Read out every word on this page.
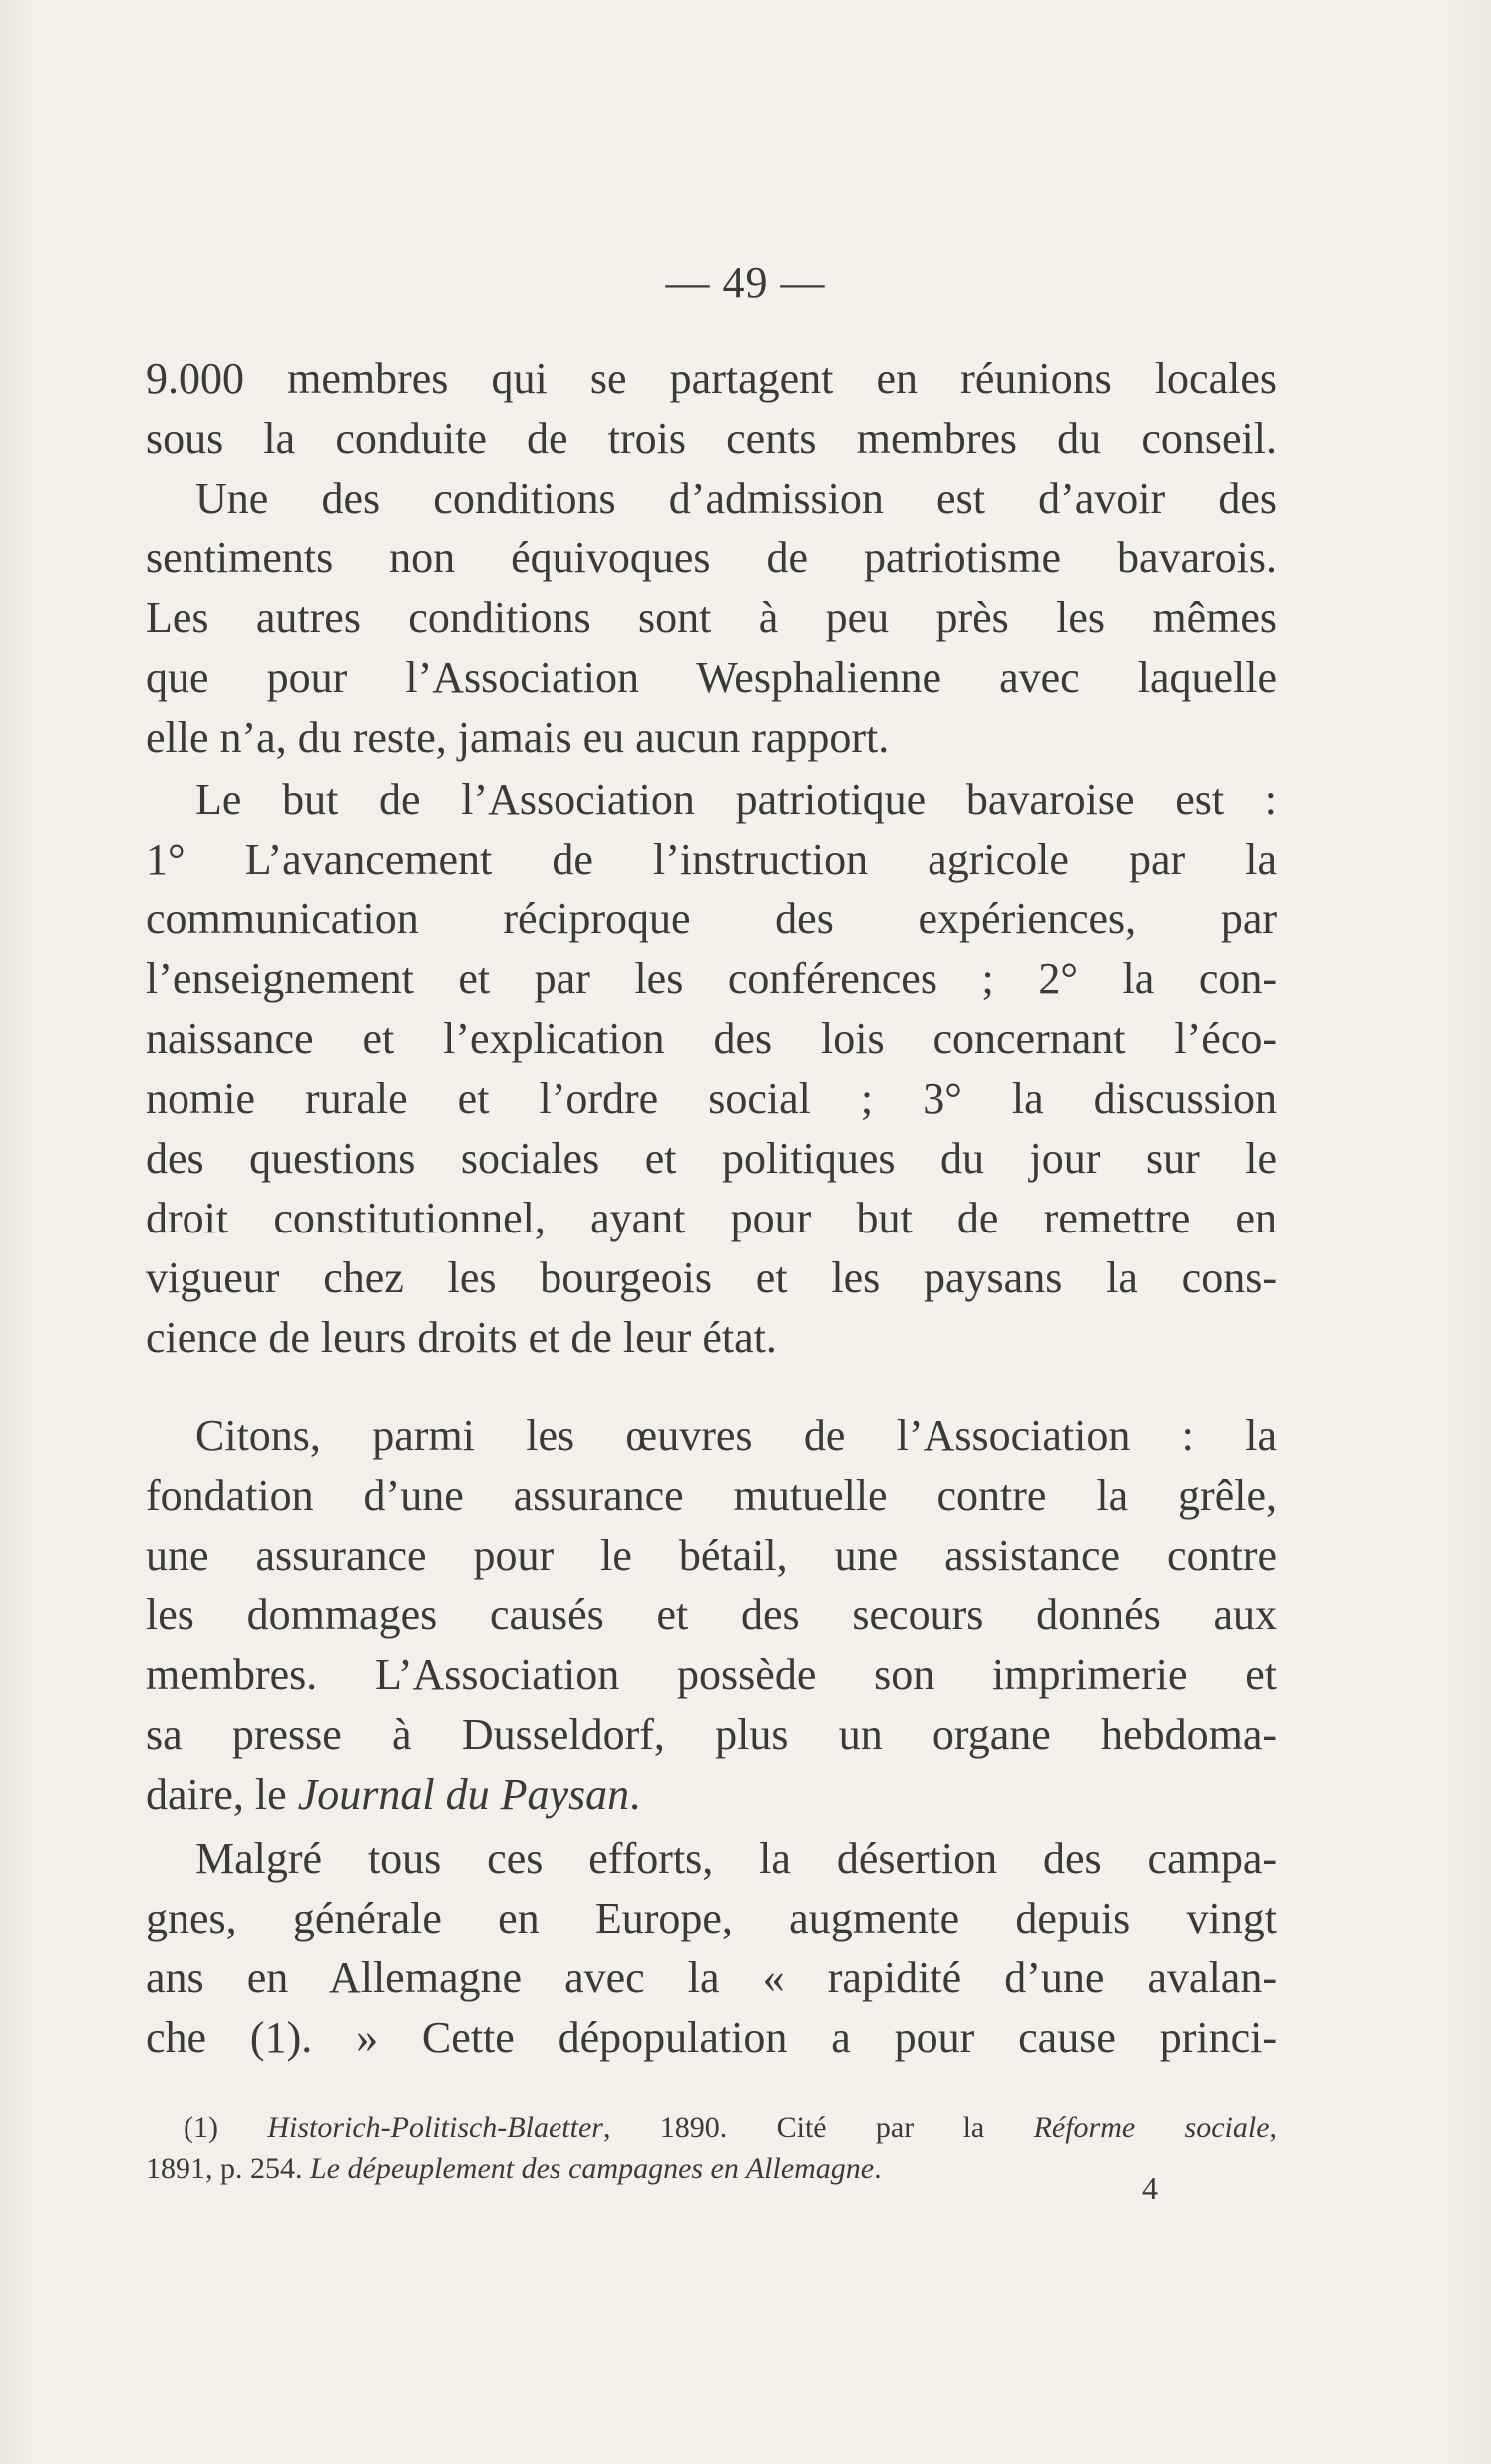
— 49 —
9.000 membres qui se partagent en réunions locales
sous la conduite de trois cents membres du conseil.
Une des conditions d’admission est d’avoir des
sentiments non équivoques de patriotisme bavarois.
Les autres conditions sont à peu près les mêmes
que pour l’Association Wesphalienne avec laquelle
elle n’a, du reste, jamais eu aucun rapport.
Le but de l’Association patriotique bavaroise est :
1° L’avancement de l’instruction agricole par la
communication réciproque des expériences, par
l’enseignement et par les conférences ; 2° la con-
naissance et l’explication des lois concernant l’éco-
nomie rurale et l’ordre social ; 3° la discussion
des questions sociales et politiques du jour sur le
droit constitutionnel, ayant pour but de remettre en
vigueur chez les bourgeois et les paysans la cons-
cience de leurs droits et de leur état.
Citons, parmi les œuvres de l’Association : la
fondation d’une assurance mutuelle contre la grêle,
une assurance pour le bétail, une assistance contre
les dommages causés et des secours donnés aux
membres. L’Association possède son imprimerie et
sa presse à Dusseldorf, plus un organe hebdoma-
daire, le Journal du Paysan.
Malgré tous ces efforts, la désertion des campa-
gnes, générale en Europe, augmente depuis vingt
ans en Allemagne avec la « rapidité d’une avalan-
che (1). » Cette dépopulation a pour cause princi-
(1) Historich-Politisch-Blaetter, 1890. Cité par la Réforme sociale,
1891, p. 254. Le dépeuplement des campagnes en Allemagne.
4
